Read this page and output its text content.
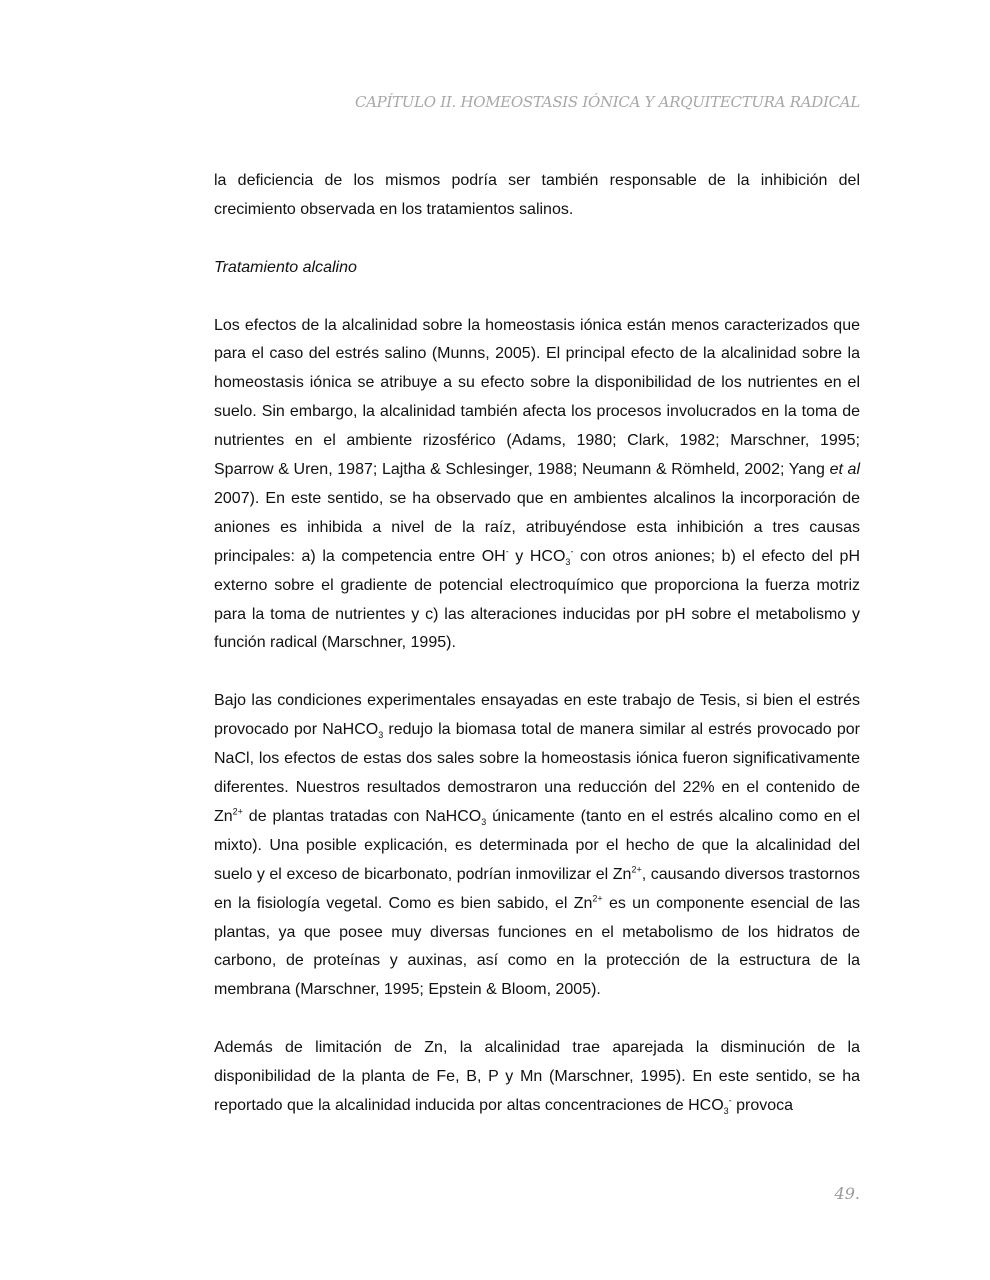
CAPÍTULO II. HOMEOSTASIS IÓNICA Y ARQUITECTURA RADICAL

la deficiencia de los mismos podría ser también responsable de la inhibición del crecimiento observada en los tratamientos salinos.

Tratamiento alcalino

Los efectos de la alcalinidad sobre la homeostasis iónica están menos caracterizados que para el caso del estrés salino (Munns, 2005). El principal efecto de la alcalinidad sobre la homeostasis iónica se atribuye a su efecto sobre la disponibilidad de los nutrientes en el suelo. Sin embargo, la alcalinidad también afecta los procesos involucrados en la toma de nutrientes en el ambiente rizosférico (Adams, 1980; Clark, 1982; Marschner, 1995; Sparrow & Uren, 1987; Lajtha & Schlesinger, 1988; Neumann & Römheld, 2002; Yang et al 2007). En este sentido, se ha observado que en ambientes alcalinos la incorporación de aniones es inhibida a nivel de la raíz, atribuyéndose esta inhibición a tres causas principales: a) la competencia entre OH- y $HCO_3^-$ con otros aniones; b) el efecto del pH externo sobre el gradiente de potencial electroquímico que proporciona la fuerza motriz para la toma de nutrientes y c) las alteraciones inducidas por pH sobre el metabolismo y función radical (Marschner, 1995).

Bajo las condiciones experimentales ensayadas en este trabajo de Tesis, si bien el estrés provocado por NaHCO$_3$ redujo la biomasa total de manera similar al estrés provocado por NaCl, los efectos de estas dos sales sobre la homeostasis iónica fueron significativamente diferentes. Nuestros resultados demostraron una reducción del 22% en el contenido de $Zn^{2+}$ de plantas tratadas con NaHCO$_3$ únicamente (tanto en el estrés alcalino como en el mixto). Una posible explicación, es determinada por el hecho de que la alcalinidad del suelo y el exceso de bicarbonato, podrían inmovilizar el $Zn^{2+}$, causando diversos trastornos en la fisiología vegetal. Como es bien sabido, el $Zn^{2+}$ es un componente esencial de las plantas, ya que posee muy diversas funciones en el metabolismo de los hidratos de carbono, de proteínas y auxinas, así como en la protección de la estructura de la membrana (Marschner, 1995; Epstein & Bloom, 2005).

Además de limitación de Zn, la alcalinidad trae aparejada la disminución de la disponibilidad de la planta de Fe, B, P y Mn (Marschner, 1995). En este sentido, se ha reportado que la alcalinidad inducida por altas concentraciones de $HCO_3^-$ provoca

49.
